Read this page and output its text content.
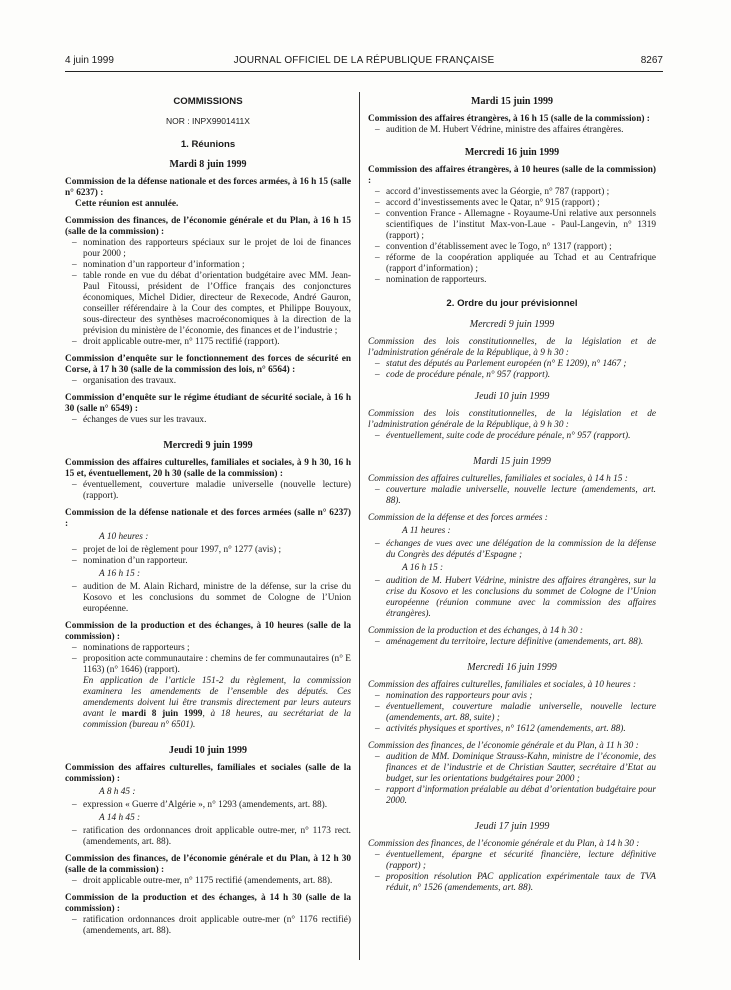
4 juin 1999	JOURNAL OFFICIEL DE LA RÉPUBLIQUE FRANÇAISE	8267
COMMISSIONS
NOR : INPX9901411X
1. Réunions
Mardi 8 juin 1999
Commission de la défense nationale et des forces armées, à 16 h 15 (salle n° 6237) :
Cette réunion est annulée.
Commission des finances, de l’économie générale et du Plan, à 16 h 15 (salle de la commission) :
– nomination des rapporteurs spéciaux sur le projet de loi de finances pour 2000 ;
– nomination d’un rapporteur d’information ;
– table ronde en vue du débat d’orientation budgétaire avec MM. Jean-Paul Fitoussi, président de l’Office français des conjonctures économiques, Michel Didier, directeur de Rexecode, André Gauron, conseiller référendaire à la Cour des comptes, et Philippe Bouyoux, sous-directeur des synthèses macroéconomiques à la direction de la prévision du ministère de l’économie, des finances et de l’industrie ;
– droit applicable outre-mer, n° 1175 rectifié (rapport).
Commission d’enquête sur le fonctionnement des forces de sécurité en Corse, à 17 h 30 (salle de la commission des lois, n° 6564) :
– organisation des travaux.
Commission d’enquête sur le régime étudiant de sécurité sociale, à 16 h 30 (salle n° 6549) :
– échanges de vues sur les travaux.
Mercredi 9 juin 1999
Commission des affaires culturelles, familiales et sociales, à 9 h 30, 16 h 15 et, éventuellement, 20 h 30 (salle de la commission) :
– éventuellement, couverture maladie universelle (nouvelle lecture) (rapport).
Commission de la défense nationale et des forces armées (salle n° 6237) :
A 10 heures :
– projet de loi de règlement pour 1997, n° 1277 (avis) ;
– nomination d’un rapporteur.
A 16 h 15 :
– audition de M. Alain Richard, ministre de la défense, sur la crise du Kosovo et les conclusions du sommet de Cologne de l’Union européenne.
Commission de la production et des échanges, à 10 heures (salle de la commission) :
– nominations de rapporteurs ;
– proposition acte communautaire : chemins de fer communautaires (n° E 1163) (n° 1646) (rapport).
En application de l’article 151-2 du règlement, la commission examinera les amendements de l’ensemble des députés. Ces amendements doivent lui être transmis directement par leurs auteurs avant le mardi 8 juin 1999, à 18 heures, au secrétariat de la commission (bureau n° 6501).
Jeudi 10 juin 1999
Commission des affaires culturelles, familiales et sociales (salle de la commission) :
A 8 h 45 :
– expression « Guerre d’Algérie », n° 1293 (amendements, art. 88).
A 14 h 45 :
– ratification des ordonnances droit applicable outre-mer, n° 1173 rect. (amendements, art. 88).
Commission des finances, de l’économie générale et du Plan, à 12 h 30 (salle de la commission) :
– droit applicable outre-mer, n° 1175 rectifié (amendements, art. 88).
Commission de la production et des échanges, à 14 h 30 (salle de la commission) :
– ratification ordonnances droit applicable outre-mer (n° 1176 rectifié) (amendements, art. 88).
Mardi 15 juin 1999
Commission des affaires étrangères, à 16 h 15 (salle de la commission) :
– audition de M. Hubert Védrine, ministre des affaires étrangères.
Mercredi 16 juin 1999
Commission des affaires étrangères, à 10 heures (salle de la commission) :
– accord d’investissements avec la Géorgie, n° 787 (rapport) ;
– accord d’investissements avec le Qatar, n° 915 (rapport) ;
– convention France - Allemagne - Royaume-Uni relative aux personnels scientifiques de l’institut Max-von-Laue - Paul-Langevin, n° 1319 (rapport) ;
– convention d’établissement avec le Togo, n° 1317 (rapport) ;
– réforme de la coopération appliquée au Tchad et au Centrafrique (rapport d’information) ;
– nomination de rapporteurs.
2. Ordre du jour prévisionnel
Mercredi 9 juin 1999
Commission des lois constitutionnelles, de la législation et de l’administration générale de la République, à 9 h 30 :
– statut des députés au Parlement européen (n° E 1209), n° 1467 ;
– code de procédure pénale, n° 957 (rapport).
Jeudi 10 juin 1999
Commission des lois constitutionnelles, de la législation et de l’administration générale de la République, à 9 h 30 :
– éventuellement, suite code de procédure pénale, n° 957 (rapport).
Mardi 15 juin 1999
Commission des affaires culturelles, familiales et sociales, à 14 h 15 :
– couverture maladie universelle, nouvelle lecture (amendements, art. 88).
Commission de la défense et des forces armées :
A 11 heures :
– échanges de vues avec une délégation de la commission de la défense du Congrès des députés d’Espagne ;
A 16 h 15 :
– audition de M. Hubert Védrine, ministre des affaires étrangères, sur la crise du Kosovo et les conclusions du sommet de Cologne de l’Union européenne (réunion commune avec la commission des affaires étrangères).
Commission de la production et des échanges, à 14 h 30 :
– aménagement du territoire, lecture définitive (amendements, art. 88).
Mercredi 16 juin 1999
Commission des affaires culturelles, familiales et sociales, à 10 heures :
– nomination des rapporteurs pour avis ;
– éventuellement, couverture maladie universelle, nouvelle lecture (amendements, art. 88, suite) ;
– activités physiques et sportives, n° 1612 (amendements, art. 88).
Commission des finances, de l’économie générale et du Plan, à 11 h 30 :
– audition de MM. Dominique Strauss-Kahn, ministre de l’économie, des finances et de l’industrie et de Christian Sautter, secrétaire d’Etat au budget, sur les orientations budgétaires pour 2000 ;
– rapport d’information préalable au débat d’orientation budgétaire pour 2000.
Jeudi 17 juin 1999
Commission des finances, de l’économie générale et du Plan, à 14 h 30 :
– éventuellement, épargne et sécurité financière, lecture définitive (rapport) ;
– proposition résolution PAC application expérimentale taux de TVA réduit, n° 1526 (amendements, art. 88).
